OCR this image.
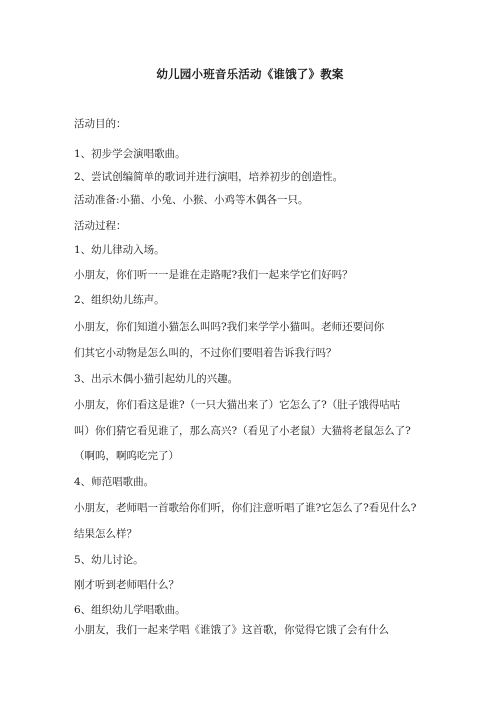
幼儿园小班音乐活动《谁饿了》教案
活动目的：
1、初步学会演唱歌曲。
2、尝试创编简单的歌词并进行演唱，培养初步的创造性。
活动准备:小猫、小兔、小猴、小鸡等木偶各一只。
活动过程：
1、幼儿律动入场。
小朋友，你们听一一是谁在走路呢?我们一起来学它们好吗？
2、组织幼儿练声。
小朋友，你们知道小猫怎么叫吗?我们来学学小猫叫。老师还要问你
们其它小动物是怎么叫的，不过你们要唱着告诉我行吗？
3、出示木偶小猫引起幼儿的兴趣。
小朋友，你们看这是谁?（一只大猫出来了）它怎么了?（肚子饿得咕咕
叫）你们猜它看见谁了，那么高兴?（看见了小老鼠）大猫将老鼠怎么了?
（啊呜，啊呜吃完了）
4、师范唱歌曲。
小朋友，老师唱一首歌给你们听，你们注意听唱了谁?它怎么了?看见什么?
结果怎么样？
5、幼儿讨论。
刚才听到老师唱什么？
6、组织幼儿学唱歌曲。
小朋友，我们一起来学唱《谁饿了》这首歌，你觉得它饿了会有什么
